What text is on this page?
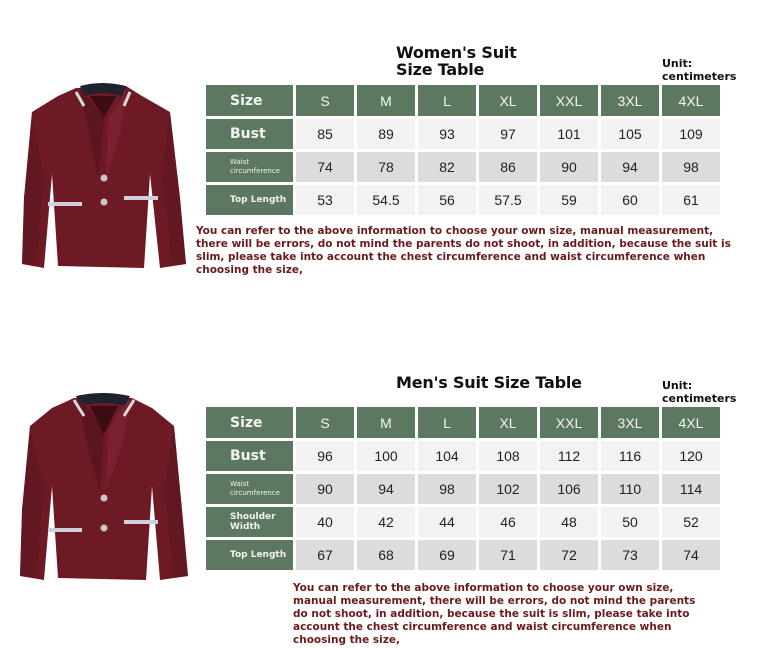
Women's Suit Size Table	Unit: centimeters
Size	S	M	L	XL	XXL	3XL	4XL
Bust	85	89	93	97	101	105	109
Waist circumference	74	78	82	86	90	94	98
Top Length	53	54.5	56	57.5	59	60	61
You can refer to the above information to choose your own size, manual measurement, there will be errors, do not mind the parents do not shoot, in addition, because the suit is slim, please take into account the chest circumference and waist circumference when choosing the size,
Men's Suit Size Table	Unit: centimeters
Size	S	M	L	XL	XXL	3XL	4XL
Bust	96	100	104	108	112	116	120
Waist circumference	90	94	98	102	106	110	114
Shoulder Width	40	42	44	46	48	50	52
Top Length	67	68	69	71	72	73	74
You can refer to the above information to choose your own size, manual measurement, there will be errors, do not mind the parents do not shoot, in addition, because the suit is slim, please take into account the chest circumference and waist circumference when choosing the size,
